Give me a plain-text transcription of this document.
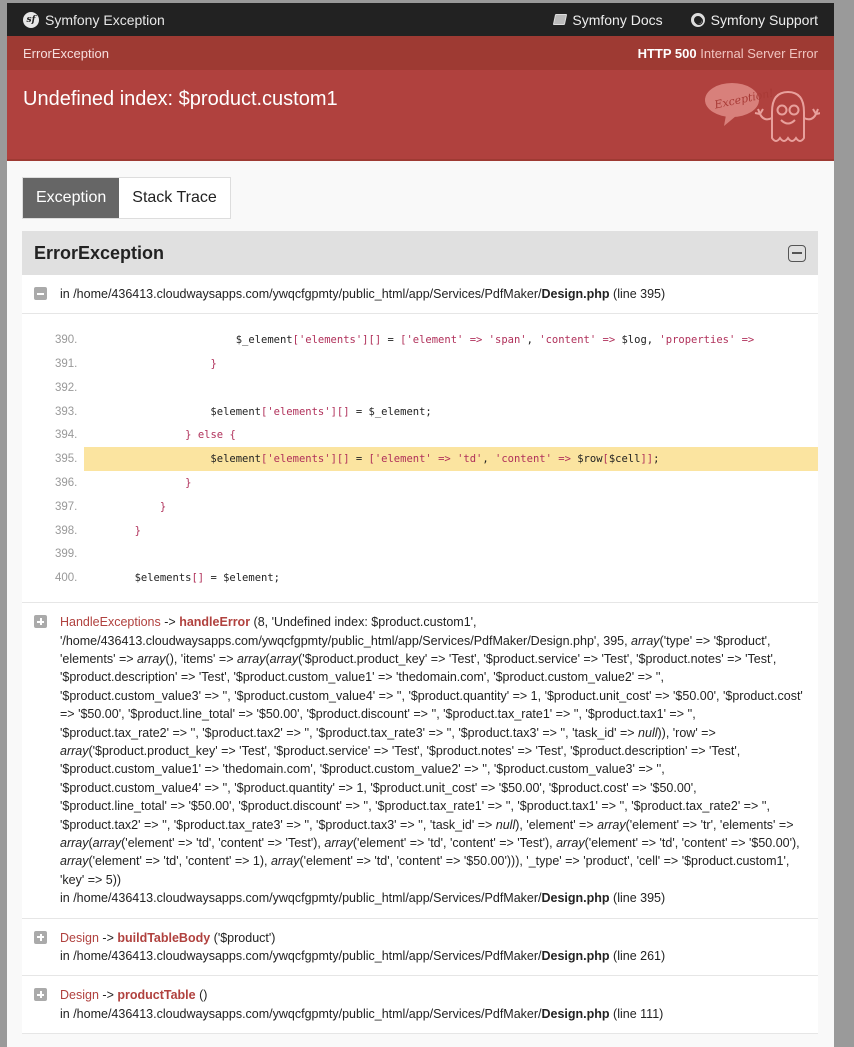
sf Symfony Exception	Symfony Docs	Symfony Support
ErrorException	HTTP 500 Internal Server Error
Undefined index: $product.custom1	Exception!
Exception	Stack Trace
ErrorException
in /home/436413.cloudwaysapps.com/ywqcfgpmty/public_html/app/Services/PdfMaker/Design.php (line 395)
390. $_element['elements'][] = ['element' => 'span', 'content' => $log, 'properties' =>
391.	}
392.

393. $element['elements'][] = $_element;
394.	} else {
395. $element['elements'][] = ['element' => 'td', 'content' => $row[$cell]];
396.	}
397.	}
398.	}
399.

400. $elements[] = $element;
HandleExceptions -> handleError (8, 'Undefined index: $product.custom1', '/home/436413.cloudwaysapps.com/ywqcfgpmty/public_html/app/Services/PdfMaker/Design.php', 395, array('type' => '$product', 'elements' => array(), 'items' => array(array('$product.product_key' => 'Test', '$product.service' => 'Test', '$product.notes' => 'Test', '$product.description' => 'Test', '$product.custom_value1' => 'thedomain.com', '$product.custom_value2' => '', '$product.custom_value3' => '', '$product.custom_value4' => '', '$product.quantity' => 1, '$product.unit_cost' => '$50.00', '$product.cost' => '$50.00', '$product.line_total' => '$50.00', '$product.discount' => '', '$product.tax_rate1' => '', '$product.tax1' => '', '$product.tax_rate2' => '', '$product.tax2' => '', '$product.tax_rate3' => '', '$product.tax3' => '', 'task_id' => null)), 'row' => array('$product.product_key' => 'Test', '$product.service' => 'Test', '$product.notes' => 'Test', '$product.description' => 'Test', '$product.custom_value1' => 'thedomain.com', '$product.custom_value2' => '', '$product.custom_value3' => '', '$product.custom_value4' => '', '$product.quantity' => 1, '$product.unit_cost' => '$50.00', '$product.cost' => '$50.00', '$product.line_total' => '$50.00', '$product.discount' => '', '$product.tax_rate1' => '', '$product.tax1' => '', '$product.tax_rate2' => '', '$product.tax2' => '', '$product.tax_rate3' => '', '$product.tax3' => '', 'task_id' => null), 'element' => array('element' => 'tr', 'elements' => array(array('element' => 'td', 'content' => 'Test'), array('element' => 'td', 'content' => 'Test'), array('element' => 'td', 'content' => '$50.00'), array('element' => 'td', 'content' => 1), array('element' => 'td', 'content' => '$50.00'))), '_type' => 'product', 'cell' => '$product.custom1', 'key' => 5))
in /home/436413.cloudwaysapps.com/ywqcfgpmty/public_html/app/Services/PdfMaker/Design.php (line 395)
Design -> buildTableBody ('$product')
in /home/436413.cloudwaysapps.com/ywqcfgpmty/public_html/app/Services/PdfMaker/Design.php (line 261)
Design -> productTable ()
in /home/436413.cloudwaysapps.com/ywqcfgpmty/public_html/app/Services/PdfMaker/Design.php (line 111)
